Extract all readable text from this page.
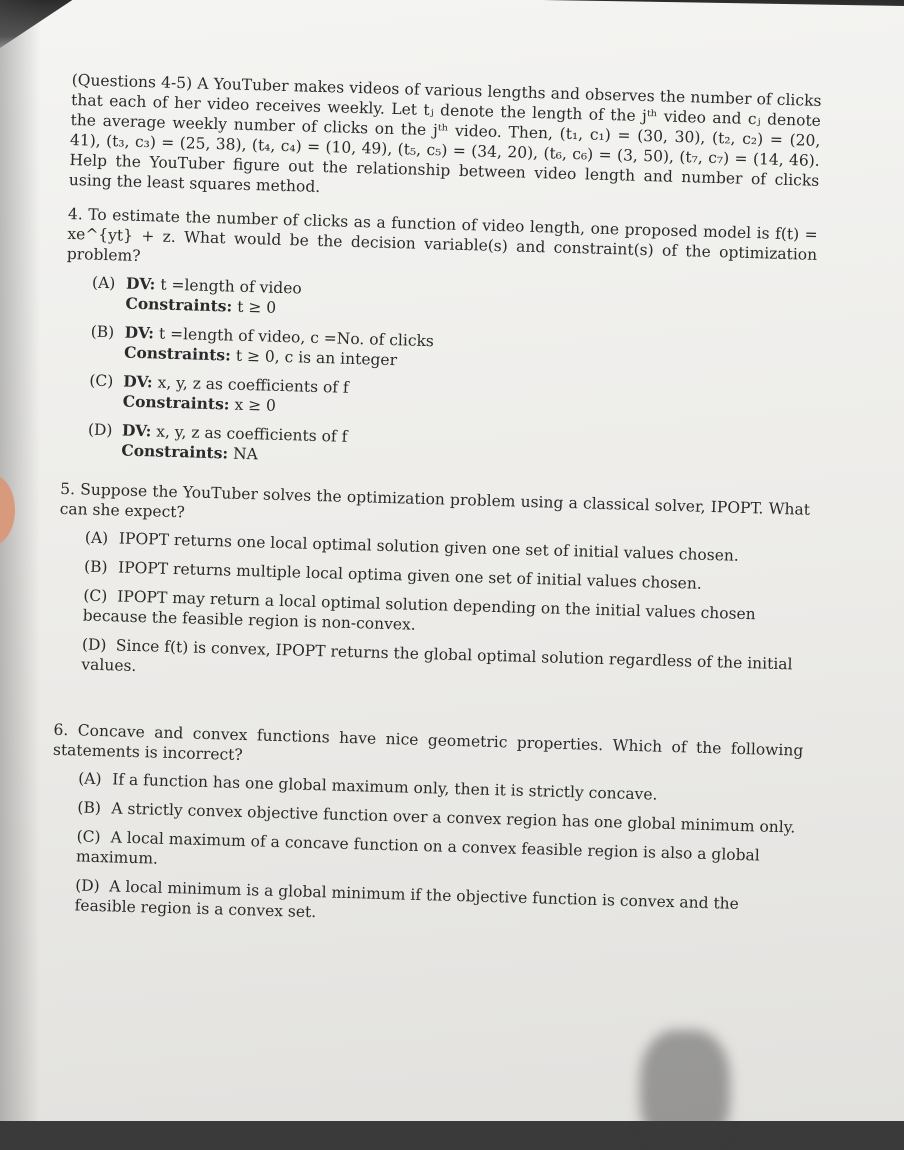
(Questions 4-5) A YouTuber makes videos of various lengths and observes the number of clicks that each of her video receives weekly. Let tⱼ denote the length of the jᵗʰ video and cⱼ denote the average weekly number of clicks on the jᵗʰ video. Then, (t₁, c₁) = (30, 30), (t₂, c₂) = (20, 41), (t₃, c₃) = (25, 38), (t₄, c₄) = (10, 49), (t₅, c₅) = (34, 20), (t₆, c₆) = (3, 50), (t₇, c₇) = (14, 46). Help the YouTuber figure out the relationship between video length and number of clicks using the least squares method.

4. To estimate the number of clicks as a function of video length, one proposed model is f(t) = xe^{yt} + z. What would be the decision variable(s) and constraint(s) of the optimization problem?
(A) DV: t =length of video
Constraints: t ≥ 0
(B) DV: t =length of video, c =No. of clicks
Constraints: t ≥ 0, c is an integer
(C) DV: x, y, z as coefficients of f
Constraints: x ≥ 0
(D) DV: x, y, z as coefficients of f
Constraints: NA
5. Suppose the YouTuber solves the optimization problem using a classical solver, IPOPT. What can she expect?
(A) IPOPT returns one local optimal solution given one set of initial values chosen.
(B) IPOPT returns multiple local optima given one set of initial values chosen.
(C) IPOPT may return a local optimal solution depending on the initial values chosen because the feasible region is non-convex.
(D) Since f(t) is convex, IPOPT returns the global optimal solution regardless of the initial values.
6. Concave and convex functions have nice geometric properties. Which of the following statements is incorrect?
(A) If a function has one global maximum only, then it is strictly concave.
(B) A strictly convex objective function over a convex region has one global minimum only.
(C) A local maximum of a concave function on a convex feasible region is also a global maximum.
(D) A local minimum is a global minimum if the objective function is convex and the feasible region is a convex set.
